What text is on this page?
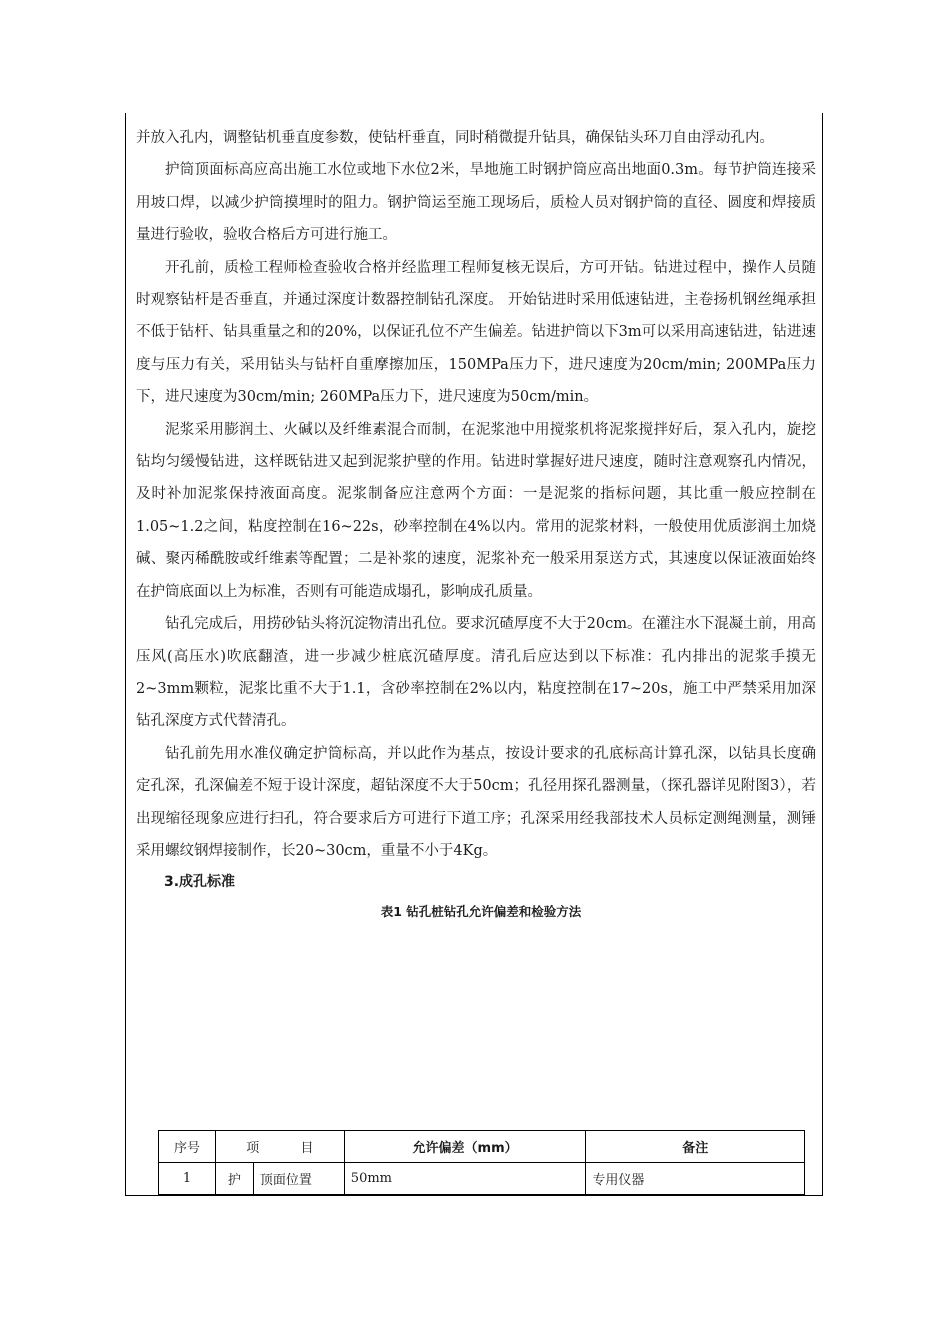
并放入孔内，调整钻机垂直度参数，使钻杆垂直，同时稍微提升钻具，确保钻头环刀自由浮动孔内。

护筒顶面标高应高出施工水位或地下水位2米，旱地施工时钢护筒应高出地面0.3m。每节护筒连接采用坡口焊，以减少护筒摸埋时的阻力。钢护筒运至施工现场后，质检人员对钢护筒的直径、圆度和焊接质量进行验收，验收合格后方可进行施工。

开孔前，质检工程师检查验收合格并经监理工程师复核无误后，方可开钻。钻进过程中，操作人员随时观察钻杆是否垂直，并通过深度计数器控制钻孔深度。 开始钻进时采用低速钻进，主卷扬机钢丝绳承担不低于钻杆、钻具重量之和的20%，以保证孔位不产生偏差。钻进护筒以下3m可以采用高速钻进，钻进速度与压力有关，采用钻头与钻杆自重摩擦加压，150MPa压力下，进尺速度为20cm/min; 200MPa压力下，进尺速度为30cm/min; 260MPa压力下，进尺速度为50cm/min。

泥浆采用膨润土、火碱以及纤维素混合而制，在泥浆池中用搅浆机将泥浆搅拌好后，泵入孔内，旋挖钻均匀缓慢钻进，这样既钻进又起到泥浆护壁的作用。钻进时掌握好进尺速度，随时注意观察孔内情况，及时补加泥浆保持液面高度。泥浆制备应注意两个方面：一是泥浆的指标问题，其比重一般应控制在1.05~1.2之间，粘度控制在16~22s，砂率控制在4%以内。常用的泥浆材料，一般使用优质澎润土加烧碱、聚丙稀酰胺或纤维素等配置；二是补浆的速度，泥浆补充一般采用泵送方式，其速度以保证液面始终在护筒底面以上为标准，否则有可能造成塌孔，影响成孔质量。

钻孔完成后，用捞砂钻头将沉淀物清出孔位。要求沉碴厚度不大于20cm。在灌注水下混凝土前，用高压风(高压水)吹底翻渣，进一步减少桩底沉碴厚度。清孔后应达到以下标准：孔内排出的泥浆手摸无2~3mm颗粒，泥浆比重不大于1.1，含砂率控制在2%以内，粘度控制在17~20s，施工中严禁采用加深钻孔深度方式代替清孔。

钻孔前先用水准仪确定护筒标高，并以此作为基点，按设计要求的孔底标高计算孔深，以钻具长度确定孔深，孔深偏差不短于设计深度，超钻深度不大于50cm；孔径用探孔器测量，（探孔器详见附图3），若出现缩径现象应进行扫孔，符合要求后方可进行下道工序；孔深采用经我部技术人员标定测绳测量，测锤采用螺纹钢焊接制作，长20~30cm，重量不小于4Kg。

3.成孔标准

表1 钻孔桩钻孔允许偏差和检验方法
序号	项          目		允许偏差（mm）	备注
1	护	顶面位置	50mm	专用仪器
